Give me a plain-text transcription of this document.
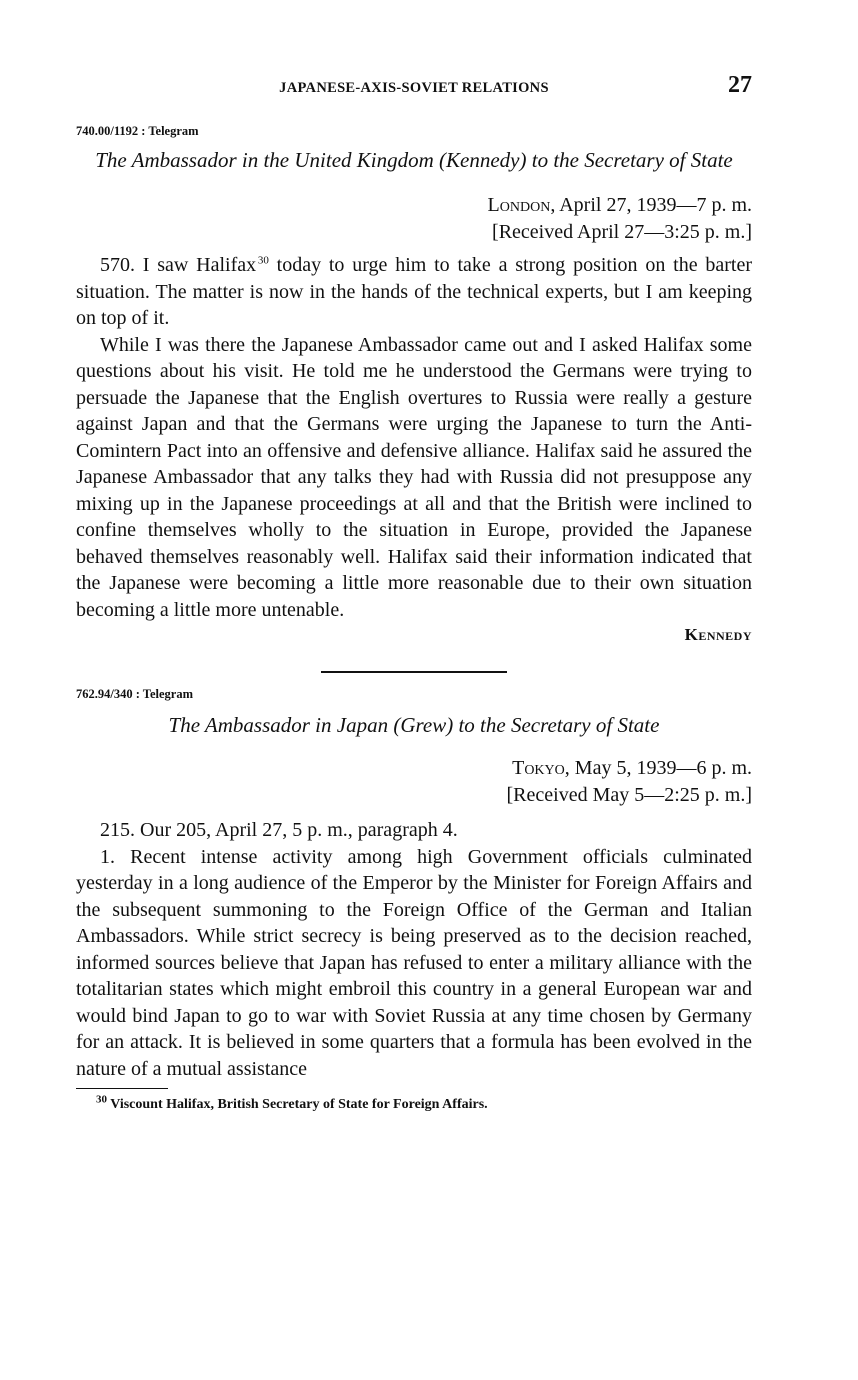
JAPANESE-AXIS-SOVIET RELATIONS	27
740.00/1192 : Telegram
The Ambassador in the United Kingdom (Kennedy) to the Secretary of State
London, April 27, 1939—7 p. m.
[Received April 27—3:25 p. m.]

570. I saw Halifax  $^{30}$ today to urge him to take a strong position on the barter situation. The matter is now in the hands of the technical experts, but I am keeping on top of it.

While I was there the Japanese Ambassador came out and I asked Halifax some questions about his visit. He told me he understood the Germans were trying to persuade the Japanese that the English overtures to Russia were really a gesture against Japan and that the Germans were urging the Japanese to turn the Anti-Comintern Pact into an offensive and defensive alliance. Halifax said he assured the Japanese Ambassador that any talks they had with Russia did not presuppose any mixing up in the Japanese proceedings at all and that the British were inclined to confine themselves wholly to the situation in Europe, provided the Japanese behaved themselves reasonably well. Halifax said their information indicated that the Japanese were becoming a little more reasonable due to their own situation becoming a little more untenable.

Kennedy
762.94/340 : Telegram
The Ambassador in Japan (Grew) to the Secretary of State
Tokyo, May 5, 1939—6 p. m.
[Received May 5—2:25 p. m.]

215. Our 205, April 27, 5 p. m., paragraph 4.

1. Recent intense activity among high Government officials culminated yesterday in a long audience of the Emperor by the Minister for Foreign Affairs and the subsequent summoning to the Foreign Office of the German and Italian Ambassadors. While strict secrecy is being preserved as to the decision reached, informed sources believe that Japan has refused to enter a military alliance with the totalitarian states which might embroil this country in a general European war and would bind Japan to go to war with Soviet Russia at any time chosen by Germany for an attack. It is believed in some quarters that a formula has been evolved in the nature of a mutual assistance

$^{30}$ Viscount Halifax, British Secretary of State for Foreign Affairs.
